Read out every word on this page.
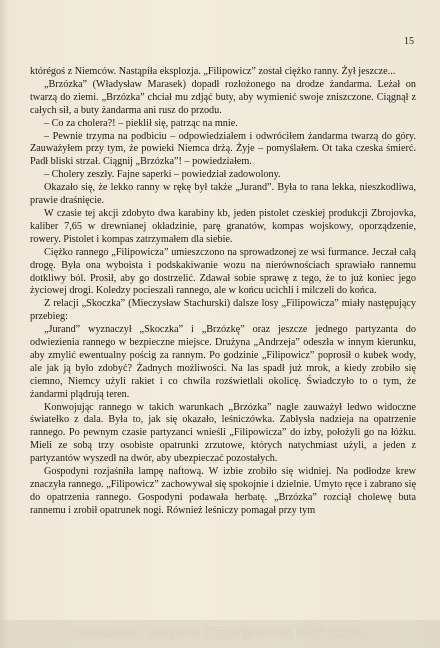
15

którégoś z Niemców. Nastąpiła eksplozja. „Filipowicz” został ciężko ranny. Żył jeszcze...

„Brzózka” (Władysław Marasek) dopadł rozłożonego na drodze żandarma. Leżał on twarzą do ziemi. „Brzózka” chciał mu zdjąć buty, aby wymienić swoje zniszczone. Ciągnął z całych sił, a buty żandarma ani rusz do przodu.

– Co za cholera?! – pieklił się, patrząc na mnie.

– Pewnie trzyma na podbiciu – odpowiedziałem i odwróciłem żandarma twarzą do góry. Zauważyłem przy tym, że powieki Niemca drżą. Żyje – pomyślałem. Ot taka czeska śmierć. Padł bliski strzał. Ciągnij „Brzózka”! – powiedziałem.

– Cholery zeszły. Fajne saperki – powiedział zadowolony.

Okazało się, że lekko ranny w rękę był także „Jurand”. Była to rana lekka, nieszkodliwa, prawie draśnięcie.

W czasie tej akcji zdobyto dwa karabiny kb, jeden pistolet czeskiej produkcji Zbrojovka, kaliber 7,65 w drewnianej okładzinie, parę granatów, kompas wojskowy, oporządzenie, rowery. Pistolet i kompas zatrzymałem dla siebie.

Ciężko rannego „Filipowicza” umieszczono na sprowadzonej ze wsi furmance. Jeczał całą drogę. Była ona wyboista i podskakiwanie wozu na nierównościach sprawiało rannemu dotkliwy ból. Prosił, aby go dostrzelić. Zdawał sobie sprawę z tego, że to już koniec jego życiowej drogi. Koledzy pocieszali rannego, ale w końcu ucichli i milczeli do końca.

Z relacji „Skoczka” (Mieczysław Stachurski) dalsze losy „Filipowicza” miały następujący przebieg:

„Jurand” wyznaczył „Skoczka” i „Brzózkę” oraz jeszcze jednego partyzanta do odwiezienia rannego w bezpieczne miejsce. Drużyna „Andrzeja” odeszła w innym kierunku, aby zmylić ewentualny pościg za rannym. Po godzinie „Filipowicz” poprosił o kubek wody, ale jak ją było zdobyć? Żadnych możliwości. Na las spadł już mrok, a kiedy zrobiło się ciemno, Niemcy użyli rakiet i co chwila rozświetlali okolicę. Świadczyło to o tym, że żandarmi plądrują teren.

Konwojując rannego w takich warunkach „Brzózka” nagle zauważył ledwo widoczne światełko z dala. Była to, jak się okazało, leśniczówka. Zabłysła nadzieja na opatrzenie rannego. Po pewnym czasie partyzanci wnieśli „Filipowicza” do izby, położyli go na łóżku. Mieli ze sobą trzy osobiste opatrunki zrzutowe, których natychmiast użyli, a jeden z partyzantów wyszedł na dwór, aby ubezpieczać pozostałych.

Gospodyni rozjaśniła lampę naftową. W izbie zrobiło się widniej. Na podłodze krew znaczyła rannego. „Filipowicz” zachowywał się spokojnie i dzielnie. Umyto ręce i zabrano się do opatrzenia rannego. Gospodyni podawała herbatę. „Brzózka” rozciął cholewę buta rannemu i zrobił opatrunek nogi. Również leśniczy pomagał przy tym

Discussion purpose f35jsf@forum MBP CSWL
